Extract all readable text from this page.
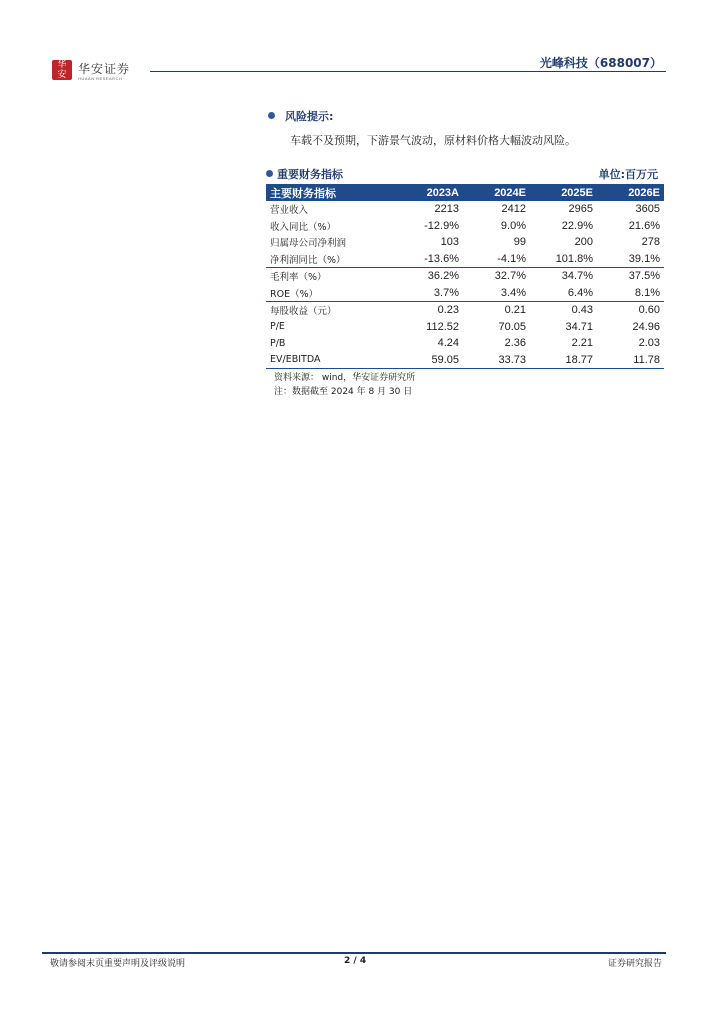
华
安 华安证券
HUAAN RESEARCH
光峰科技（688007）
风险提示:
车载不及预期，下游景气波动，原材料价格大幅波动风险。
重要财务指标	单位:百万元
主要财务指标	2023A	2024E	2025E	2026E
营业收入	2213	2412	2965	3605
收入同比（%）	-12.9%	9.0%	22.9%	21.6%
归属母公司净利润	103	99	200	278
净利润同比（%）	-13.6%	-4.1%	101.8%	39.1%
毛利率（%）	36.2%	32.7%	34.7%	37.5%
ROE（%）	3.7%	3.4%	6.4%	8.1%
每股收益（元）	0.23	0.21	0.43	0.60
P/E	112.52	70.05	34.71	24.96
P/B	4.24	2.36	2.21	2.03
EV/EBITDA	59.05	33.73	18.77	11.78
资料来源： wind，华安证券研究所
注：数据截至 2024 年 8 月 30 日
敬请参阅末页重要声明及评级说明	2 / 4	证券研究报告
